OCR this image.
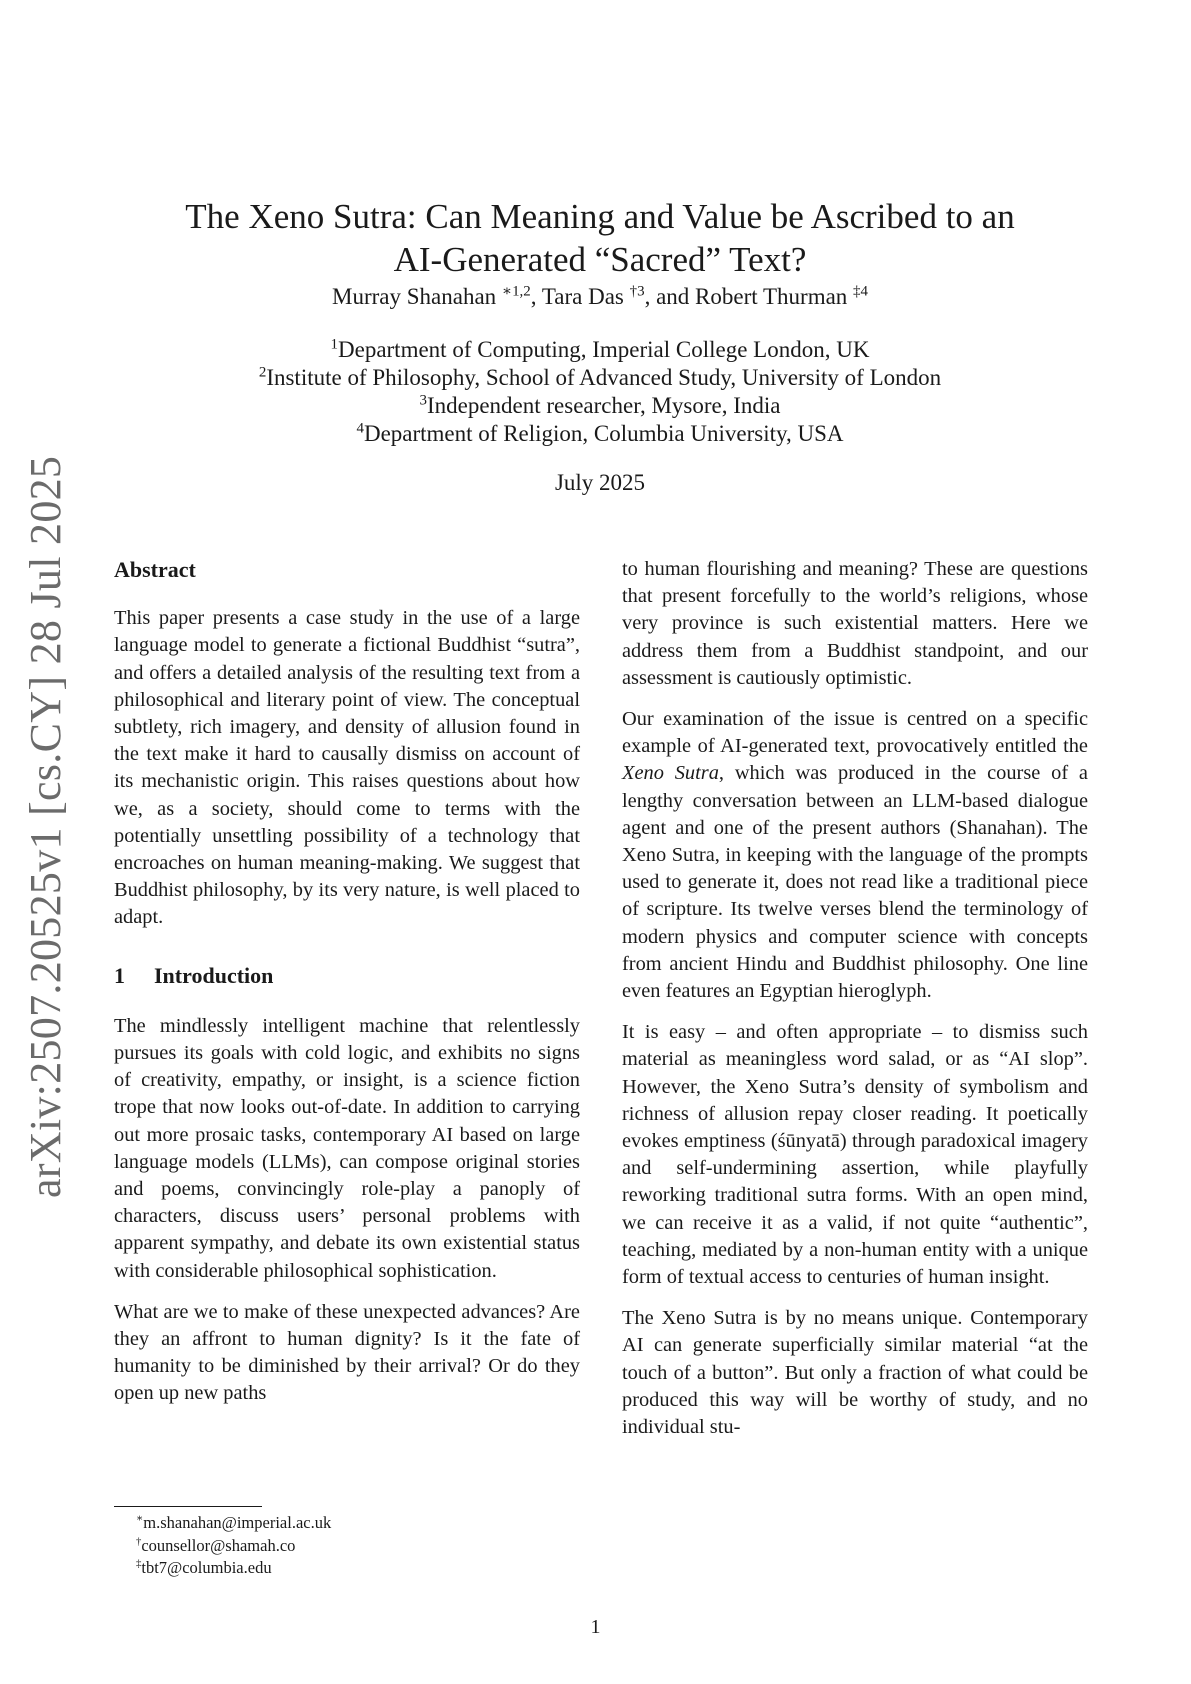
arXiv:2507.20525v1 [cs.CY] 28 Jul 2025
The Xeno Sutra: Can Meaning and Value be Ascribed to an
AI-Generated “Sacred” Text?
Murray Shanahan $^{∗1,2}$, Tara Das $^{\dagger 3}$, and Robert Thurman $^{\ddagger 4}$
$^1$Department of Computing, Imperial College London, UK
$^2$Institute of Philosophy, School of Advanced Study, University of London
$^3$Independent researcher, Mysore, India
$^4$Department of Religion, Columbia University, USA
July 2025
Abstract

This paper presents a case study in the use of a large language model to generate a fictional Buddhist “sutra”, and offers a detailed analysis of the resulting text from a philosophical and literary point of view. The conceptual subtlety, rich imagery, and density of allusion found in the text make it hard to causally dismiss on account of its mechanistic origin. This raises questions about how we, as a society, should come to terms with the potentially unsettling possibility of a technology that encroaches on human meaning-making. We suggest that Buddhist philosophy, by its very nature, is well placed to adapt.

1 Introduction

The mindlessly intelligent machine that relentlessly pursues its goals with cold logic, and exhibits no signs of creativity, empathy, or insight, is a science fiction trope that now looks out-of-date. In addition to carrying out more prosaic tasks, contemporary AI based on large language models (LLMs), can compose original stories and poems, convincingly role-play a panoply of characters, discuss users’ personal problems with apparent sympathy, and debate its own existential status with considerable philosophical sophistication.

What are we to make of these unexpected advances? Are they an affront to human dignity? Is it the fate of humanity to be diminished by their arrival? Or do they open up new paths

to human flourishing and meaning? These are questions that present forcefully to the world’s religions, whose very province is such existential matters. Here we address them from a Buddhist standpoint, and our assessment is cautiously optimistic.

Our examination of the issue is centred on a specific example of AI-generated text, provocatively entitled the Xeno Sutra, which was produced in the course of a lengthy conversation between an LLM-based dialogue agent and one of the present authors (Shanahan). The Xeno Sutra, in keeping with the language of the prompts used to generate it, does not read like a traditional piece of scripture. Its twelve verses blend the terminology of modern physics and computer science with concepts from ancient Hindu and Buddhist philosophy. One line even features an Egyptian hieroglyph.

It is easy – and often appropriate – to dismiss such material as meaningless word salad, or as “AI slop”. However, the Xeno Sutra’s density of symbolism and richness of allusion repay closer reading. It poetically evokes emptiness (śūnyatā) through paradoxical imagery and self-undermining assertion, while playfully reworking traditional sutra forms. With an open mind, we can receive it as a valid, if not quite “authentic”, teaching, mediated by a non-human entity with a unique form of textual access to centuries of human insight.

The Xeno Sutra is by no means unique. Contemporary AI can generate superficially similar material “at the touch of a button”. But only a fraction of what could be produced this way will be worthy of study, and no individual stu-

∗m.shanahan@imperial.ac.uk
†counsellor@shamah.co
‡tbt7@columbia.edu
1
